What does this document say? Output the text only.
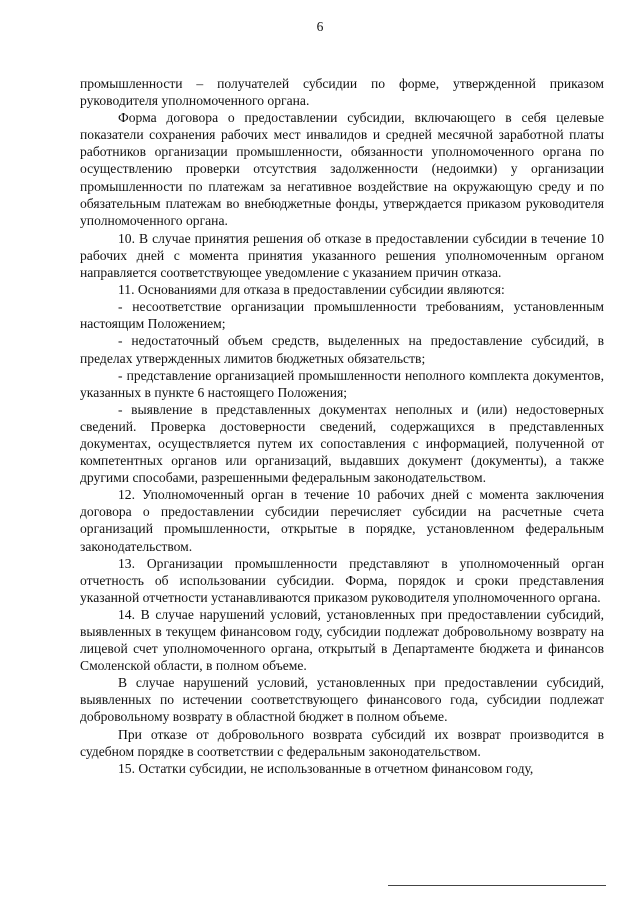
6

промышленности – получателей субсидии по форме, утвержденной приказом руководителя уполномоченного органа.

Форма договора о предоставлении субсидии, включающего в себя целевые показатели сохранения рабочих мест инвалидов и средней месячной заработной платы работников организации промышленности, обязанности уполномоченного органа по осуществлению проверки отсутствия задолженности (недоимки) у организации промышленности по платежам за негативное воздействие на окружающую среду и по обязательным платежам во внебюджетные фонды, утверждается приказом руководителя уполномоченного органа.

10. В случае принятия решения об отказе в предоставлении субсидии в течение 10 рабочих дней с момента принятия указанного решения уполномоченным органом направляется соответствующее уведомление с указанием причин отказа.

11. Основаниями для отказа в предоставлении субсидии являются:

- несоответствие организации промышленности требованиям, установленным настоящим Положением;

- недостаточный объем средств, выделенных на предоставление субсидий, в пределах утвержденных лимитов бюджетных обязательств;

- представление организацией промышленности неполного комплекта документов, указанных в пункте 6 настоящего Положения;

- выявление в представленных документах неполных и (или) недостоверных сведений. Проверка достоверности сведений, содержащихся в представленных документах, осуществляется путем их сопоставления с информацией, полученной от компетентных органов или организаций, выдавших документ (документы), а также другими способами, разрешенными федеральным законодательством.

12. Уполномоченный орган в течение 10 рабочих дней с момента заключения договора о предоставлении субсидии перечисляет субсидии на расчетные счета организаций промышленности, открытые в порядке, установленном федеральным законодательством.

13. Организации промышленности представляют в уполномоченный орган отчетность об использовании субсидии. Форма, порядок и сроки представления указанной отчетности устанавливаются приказом руководителя уполномоченного органа.

14. В случае нарушений условий, установленных при предоставлении субсидий, выявленных в текущем финансовом году, субсидии подлежат добровольному возврату на лицевой счет уполномоченного органа, открытый в Департаменте бюджета и финансов Смоленской области, в полном объеме.

В случае нарушений условий, установленных при предоставлении субсидий, выявленных по истечении соответствующего финансового года, субсидии подлежат добровольному возврату в областной бюджет в полном объеме.

При отказе от добровольного возврата субсидий их возврат производится в судебном порядке в соответствии с федеральным законодательством.

15. Остатки субсидии, не использованные в отчетном финансовом году,
